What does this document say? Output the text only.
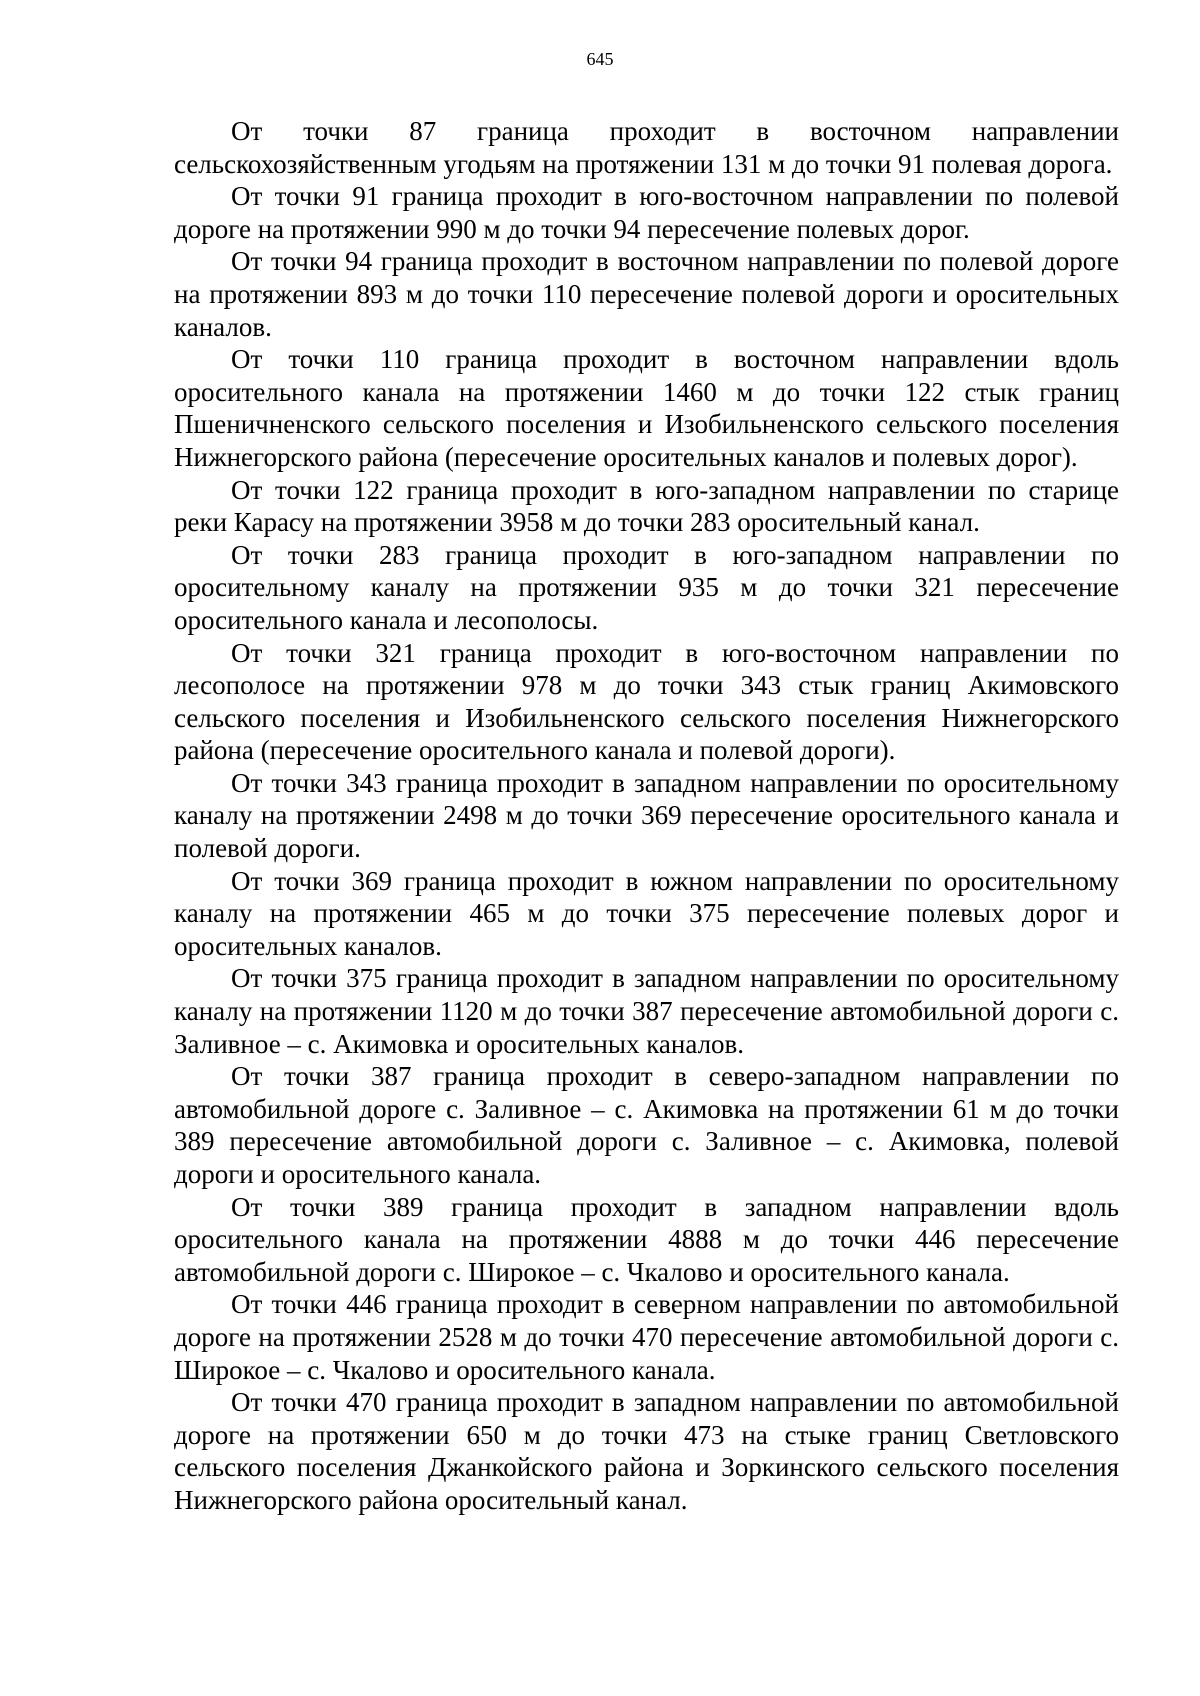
645

От точки 87 граница проходит в восточном направлении сельскохозяйственным угодьям на протяжении 131 м до точки 91 полевая дорога.

От точки 91 граница проходит в юго-восточном направлении по полевой дороге на протяжении 990 м до точки 94 пересечение полевых дорог.

От точки 94 граница проходит в восточном направлении по полевой дороге на протяжении 893 м до точки 110 пересечение полевой дороги и оросительных каналов.

От точки 110 граница проходит в восточном направлении вдоль оросительного канала на протяжении 1460 м до точки 122 стык границ Пшеничненского сельского поселения и Изобильненского сельского поселения Нижнегорского района (пересечение оросительных каналов и полевых дорог).

От точки 122 граница проходит в юго-западном направлении по старице реки Карасу на протяжении 3958 м до точки 283 оросительный канал.

От точки 283 граница проходит в юго-западном направлении по оросительному каналу на протяжении 935 м до точки 321 пересечение оросительного канала и лесополосы.

От точки 321 граница проходит в юго-восточном направлении по лесополосе на протяжении 978 м до точки 343 стык границ Акимовского сельского поселения и Изобильненского сельского поселения Нижнегорского района (пересечение оросительного канала и полевой дороги).

От точки 343 граница проходит в западном направлении по оросительному каналу на протяжении 2498 м до точки 369 пересечение оросительного канала и полевой дороги.

От точки 369 граница проходит в южном направлении по оросительному каналу на протяжении 465 м до точки 375 пересечение полевых дорог и оросительных каналов.

От точки 375 граница проходит в западном направлении по оросительному каналу на протяжении 1120 м до точки 387 пересечение автомобильной дороги с. Заливное – с. Акимовка и оросительных каналов.

От точки 387 граница проходит в северо-западном направлении по автомобильной дороге с. Заливное – с. Акимовка на протяжении 61 м до точки 389 пересечение автомобильной дороги с. Заливное – с. Акимовка, полевой дороги и оросительного канала.

От точки 389 граница проходит в западном направлении вдоль оросительного канала на протяжении 4888 м до точки 446 пересечение автомобильной дороги с. Широкое – с. Чкалово и оросительного канала.

От точки 446 граница проходит в северном направлении по автомобильной дороге на протяжении 2528 м до точки 470 пересечение автомобильной дороги с. Широкое – с. Чкалово и оросительного канала.

От точки 470 граница проходит в западном направлении по автомобильной дороге на протяжении 650 м до точки 473 на стыке границ Светловского сельского поселения Джанкойского района и Зоркинского сельского поселения Нижнегорского района оросительный канал.
